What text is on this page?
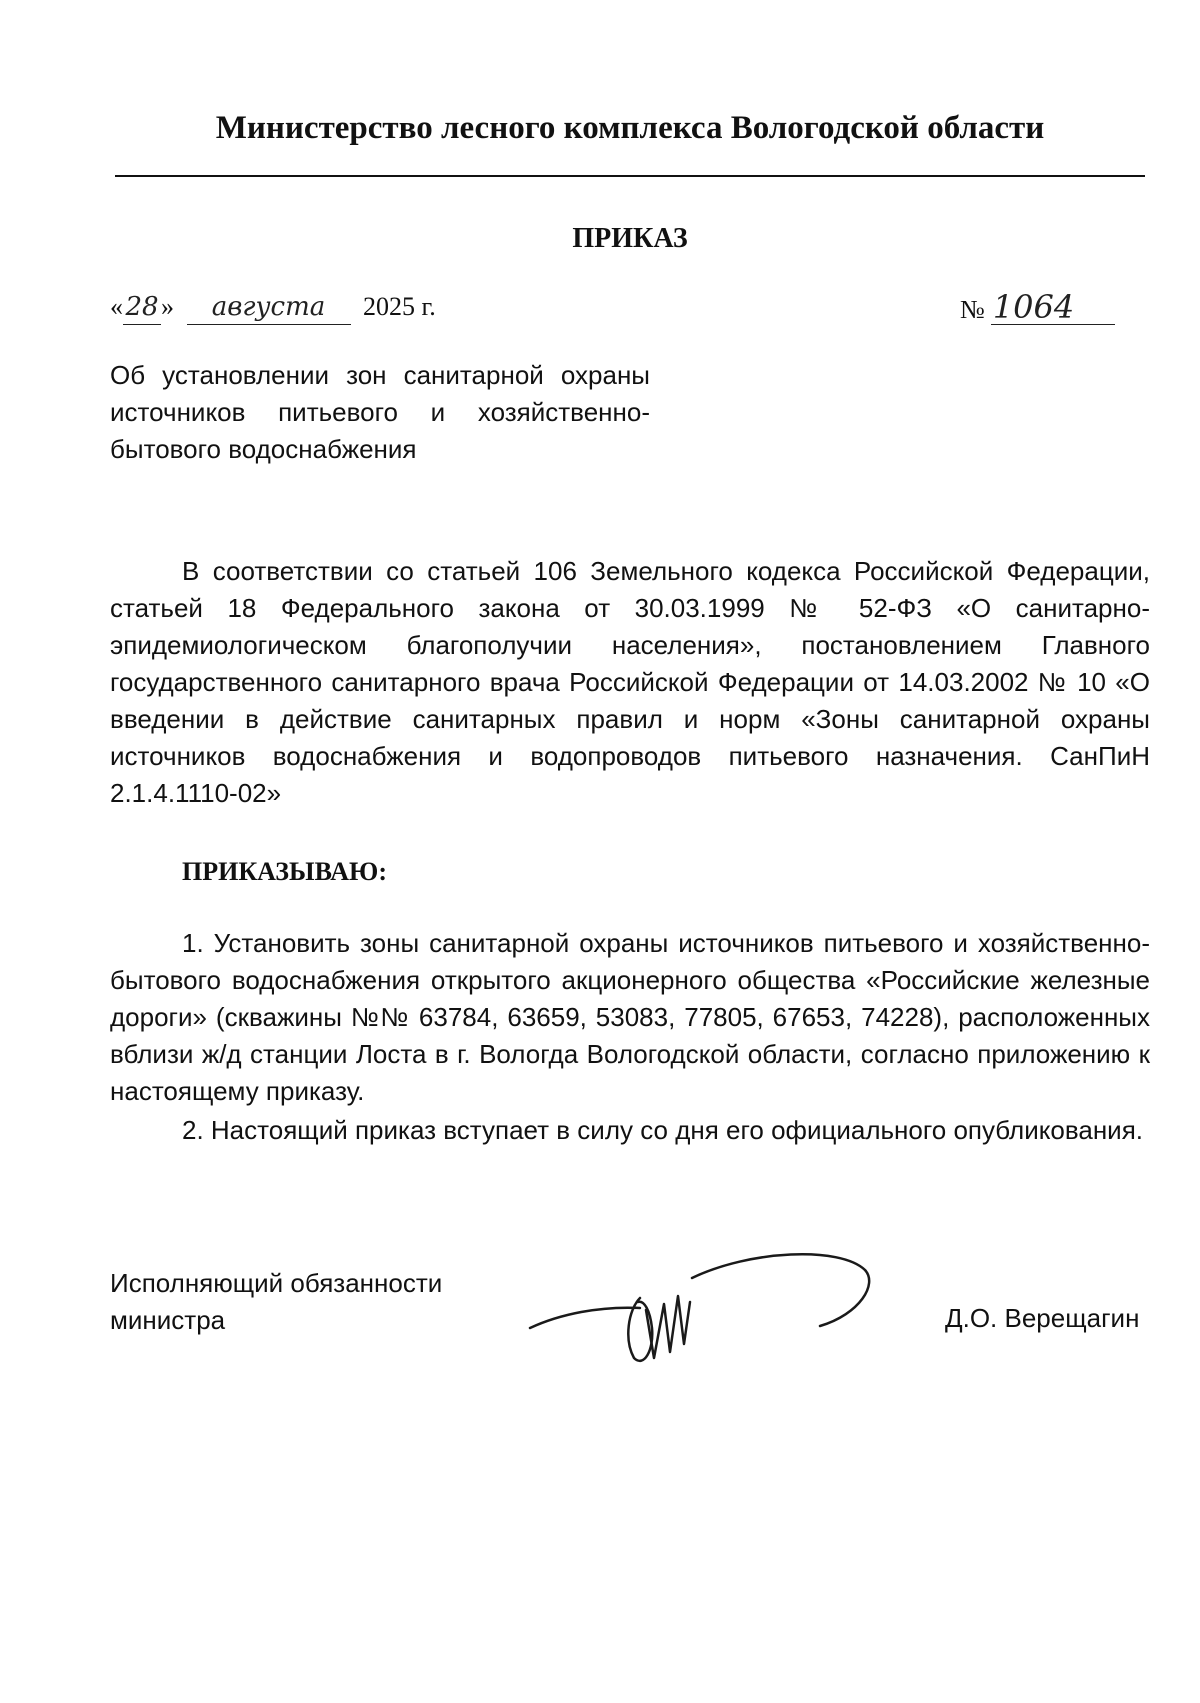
Министерство лесного комплекса Вологодской области
ПРИКАЗ
«28» августа 2025 г.	№ 1064
Об установлении зон санитарной охраны
источников питьевого и хозяйственно-
бытового водоснабжения
В соответствии со статьей 106 Земельного кодекса Российской Федерации, статьей 18 Федерального закона от 30.03.1999 № 52-ФЗ «О санитарно-эпидемиологическом благополучии населения», постановлением Главного государственного санитарного врача Российской Федерации от 14.03.2002 № 10 «О введении в действие санитарных правил и норм «Зоны санитарной охраны источников водоснабжения и водопроводов питьевого назначения. СанПиН 2.1.4.1110-02»
ПРИКАЗЫВАЮ:
1. Установить зоны санитарной охраны источников питьевого и хозяйственно-бытового водоснабжения открытого акционерного общества «Российские железные дороги» (скважины №№ 63784, 63659, 53083, 77805, 67653, 74228), расположенных вблизи ж/д станции Лоста в г. Вологда Вологодской области, согласно приложению к настоящему приказу.
2. Настоящий приказ вступает в силу со дня его официального опубликования.
Исполняющий обязанности
министра	Д.О. Верещагин
